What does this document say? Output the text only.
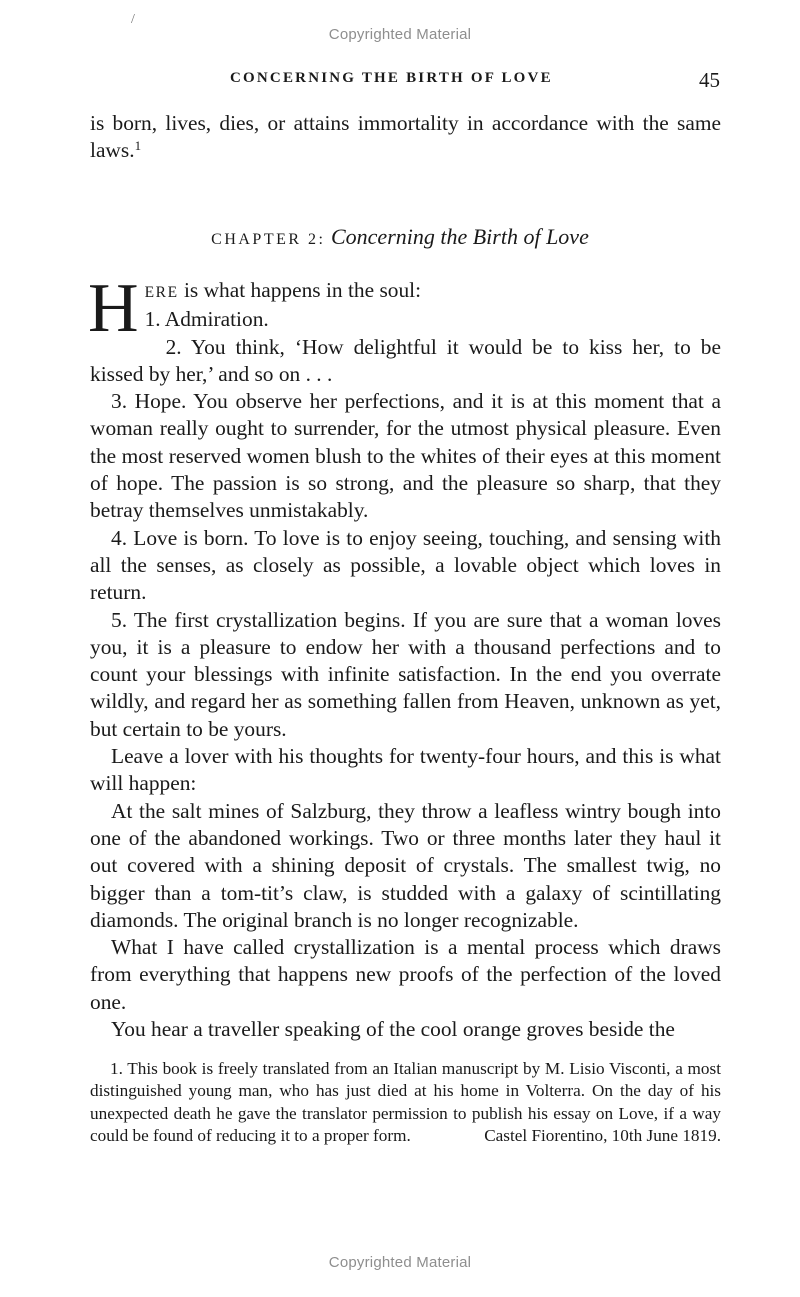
/
Copyrighted Material
CONCERNING THE BIRTH OF LOVE	45

is born, lives, dies, or attains immortality in accordance with the same laws.$^1$

CHAPTER 2: Concerning the Birth of Love
H ERE is what happens in the soul:
1. Admiration.

2. You think, ‘How delightful it would be to kiss her, to be kissed by her,’ and so on . . .

3. Hope. You observe her perfections, and it is at this moment that a woman really ought to surrender, for the utmost physical pleasure. Even the most reserved women blush to the whites of their eyes at this moment of hope. The passion is so strong, and the pleasure so sharp, that they betray themselves unmistakably.

4. Love is born. To love is to enjoy seeing, touching, and sensing with all the senses, as closely as possible, a lovable object which loves in return.

5. The first crystallization begins. If you are sure that a woman loves you, it is a pleasure to endow her with a thousand perfections and to count your blessings with infinite satisfaction. In the end you overrate wildly, and regard her as something fallen from Heaven, unknown as yet, but certain to be yours.

Leave a lover with his thoughts for twenty-four hours, and this is what will happen:

At the salt mines of Salzburg, they throw a leafless wintry bough into one of the abandoned workings. Two or three months later they haul it out covered with a shining deposit of crystals. The smallest twig, no bigger than a tom-tit’s claw, is studded with a galaxy of scintillating diamonds. The original branch is no longer recognizable.

What I have called crystallization is a mental process which draws from everything that happens new proofs of the perfection of the loved one.

You hear a traveller speaking of the cool orange groves beside the

1. This book is freely translated from an Italian manuscript by M. Lisio Visconti, a most distinguished young man, who has just died at his home in Volterra. On the day of his unexpected death he gave the translator permission to publish his essay on Love, if a way could be found of reducing it to a proper form.	Castel Fiorentino, 10th June 1819.

Copyrighted Material
